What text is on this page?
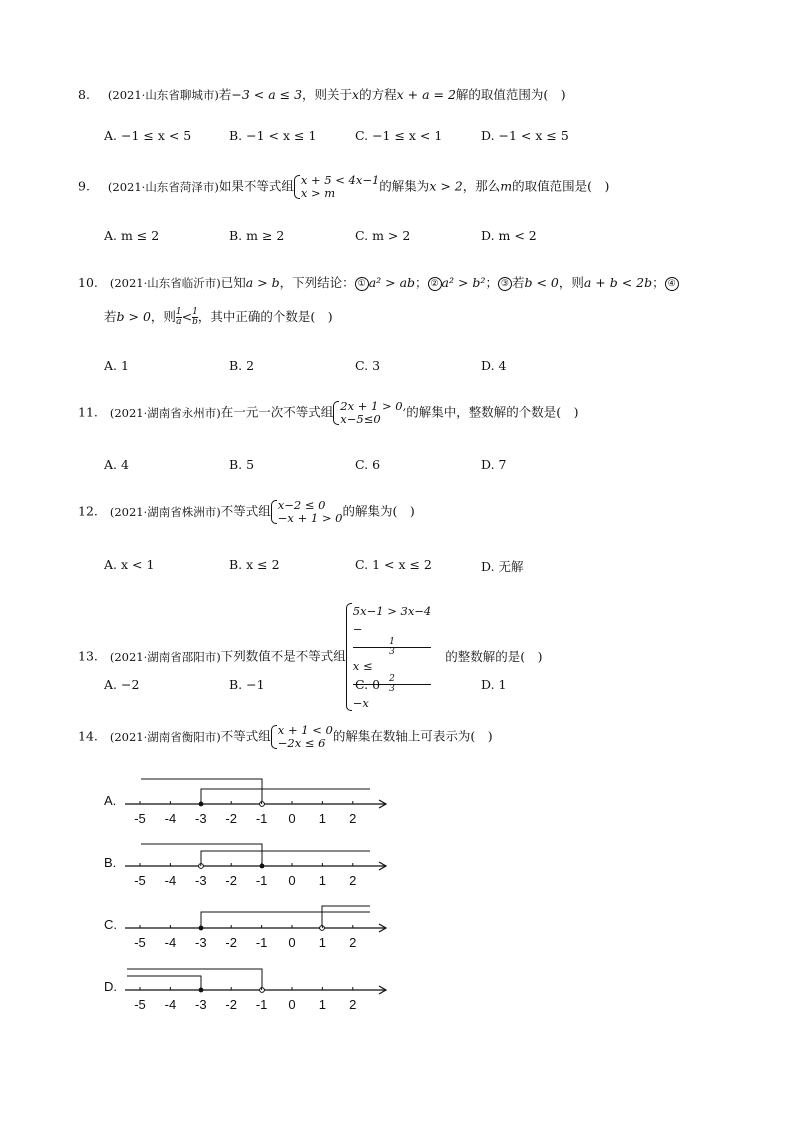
8. (2021·山东省聊城市)若−3 < a ≤ 3，则关于x的方程x + a = 2解的取值范围为(　)
A. −1 ≤ x < 5	B. −1 < x ≤ 1	C. −1 ≤ x < 1	D. −1 < x ≤ 5
9. (2021·山东省菏泽市)如果不等式组 x + 5 < 4x−1
x > m	的解集为x > 2，那么m的取值范围是(　)
A. m ≤ 2	B. m ≥ 2	C. m > 2	D. m < 2
10. (2021·山东省临沂市)已知a > b，下列结论： ① a² > ab； ② a² > b²； ③ 若b < 0，则a + b < 2b； ④
若b > 0，则 $\frac{1}{a} < \frac{1}{b}$ ，其中正确的个数是(　)
A. 1	B. 2	C. 3	D. 4
11. (2021·湖南省永州市)在一元一次不等式组 2x + 1 > 0,
x−5≤0	的解集中，整数解的个数是(　)
A. 4	B. 5	C. 6	D. 7
12. (2021·湖南省株洲市)不等式组 x−2 ≤ 0
−x + 1 > 0 的解集为(　)
A. x < 1	B. x ≤ 2	C. 1 < x ≤ 2	D. 无解
13. (2021·湖南省邵阳市)下列数值不是不等式组
5x−1 > 3x−4
−
1
3
x ≤
2
3
−x
的整数解的是(　)
A. −2	B. −1	C. 0	D. 1
14. (2021·湖南省衡阳市)不等式组 x + 1 < 0
−2x ≤ 6 的解集在数轴上可表示为(　)
A.
-5 -4 -3 -2 -1 0 1 2
B.
-5 -4 -3 -2 -1 0 1 2
C.
-5 -4 -3 -2 -1 0 1 2
D.
-5 -4 -3 -2 -1 0 1 2
